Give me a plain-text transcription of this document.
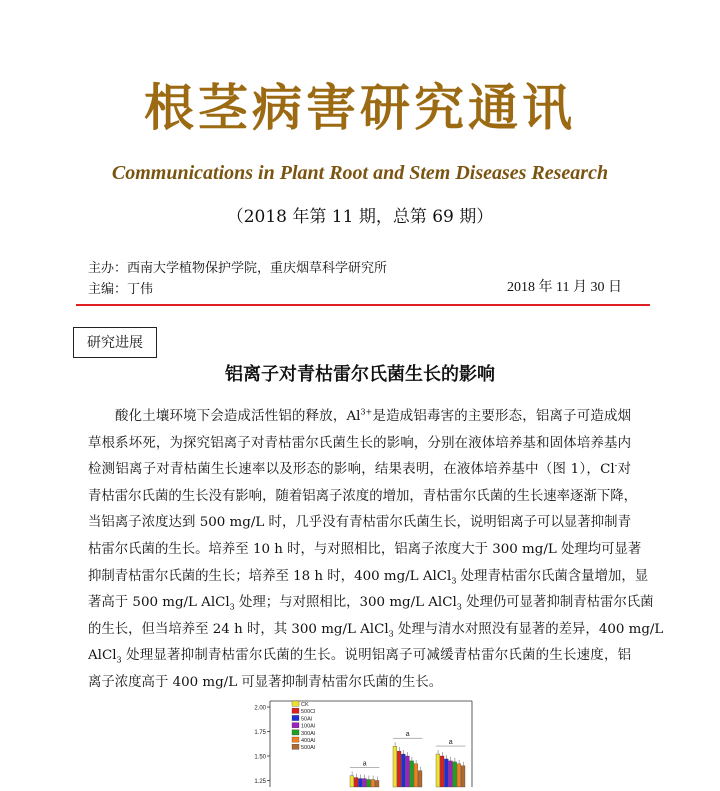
根茎病害研究通讯
Communications in Plant Root and Stem Diseases Research
（2018 年第 11 期，总第 69 期）
主办：西南大学植物保护学院，重庆烟草科学研究所
主编：丁伟	2018 年 11 月 30 日
研究进展
铝离子对青枯雷尔氏菌生长的影响
酸化土壤环境下会造成活性铝的释放，$Al^{3+}$是造成铝毒害的主要形态，铝离子可造成烟
草根系坏死，为探究铝离子对青枯雷尔氏菌生长的影响，分别在液体培养基和固体培养基内
检测铝离子对青枯菌生长速率以及形态的影响，结果表明，在液体培养基中（图 1），Cl-对
青枯雷尔氏菌的生长没有影响，随着铝离子浓度的增加，青枯雷尔氏菌的生长速率逐渐下降，
当铝离子浓度达到 500 mg/L 时，几乎没有青枯雷尔氏菌生长，说明铝离子可以显著抑制青
枯雷尔氏菌的生长。培养至 10 h 时，与对照相比，铝离子浓度大于 300 mg/L 处理均可显著
抑制青枯雷尔氏菌的生长；培养至 18 h 时，400 mg/L AlCl$_3$ 处理青枯雷尔氏菌含量增加，显
著高于 500 mg/L AlCl$_3$ 处理；与对照相比，300 mg/L AlCl$_3$ 处理仍可显著抑制青枯雷尔氏菌
的生长，但当培养至 24 h 时，其 300 mg/L AlCl$_3$ 处理与清水对照没有显著的差异，400 mg/L
AlCl$_3$ 处理显著抑制青枯雷尔氏菌的生长。说明铝离子可减缓青枯雷尔氏菌的生长速度，铝
离子浓度高于 400 mg/L 可显著抑制青枯雷尔氏菌的生长。
2.00
1.75
1.50
1.25
CK
500Cl
50Al
100Al
300Al
400Al
500Al
a
a
a
